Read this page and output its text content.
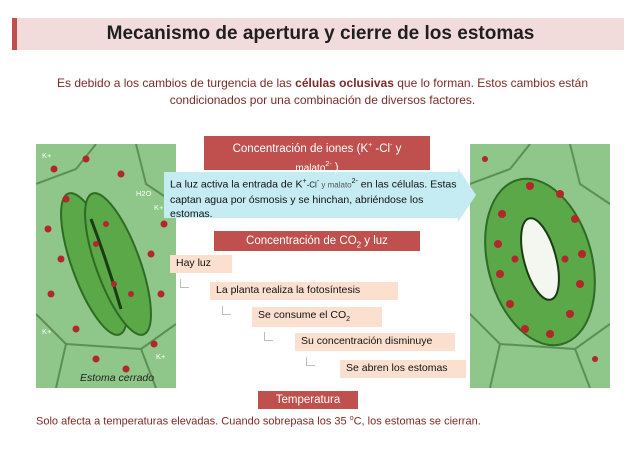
Mecanismo de apertura y cierre de los estomas
Es debido a los cambios de turgencia de las células oclusivas que lo forman. Estos cambios están condicionados por una combinación de diversos factores.
K+
H2O
K+
K+
K+
Estoma cerrado
La luz activa la entrada de K+-Cl- y malato$^{2-}$ en las células. Estas captan agua por ósmosis y se hinchan, abriéndose los estomas.
Concentración de iones (K+ -Cl- y
malato$^{2-}$ )
Concentración de $CO_2$ y luz
Hay luz
La planta realiza la fotosíntesis
Se consume el $CO_2$
Su concentración disminuye
Se abren los estomas
Temperatura
Solo afecta a temperaturas elevadas. Cuando sobrepasa los 35 $^o$C, los estomas se cierran.
